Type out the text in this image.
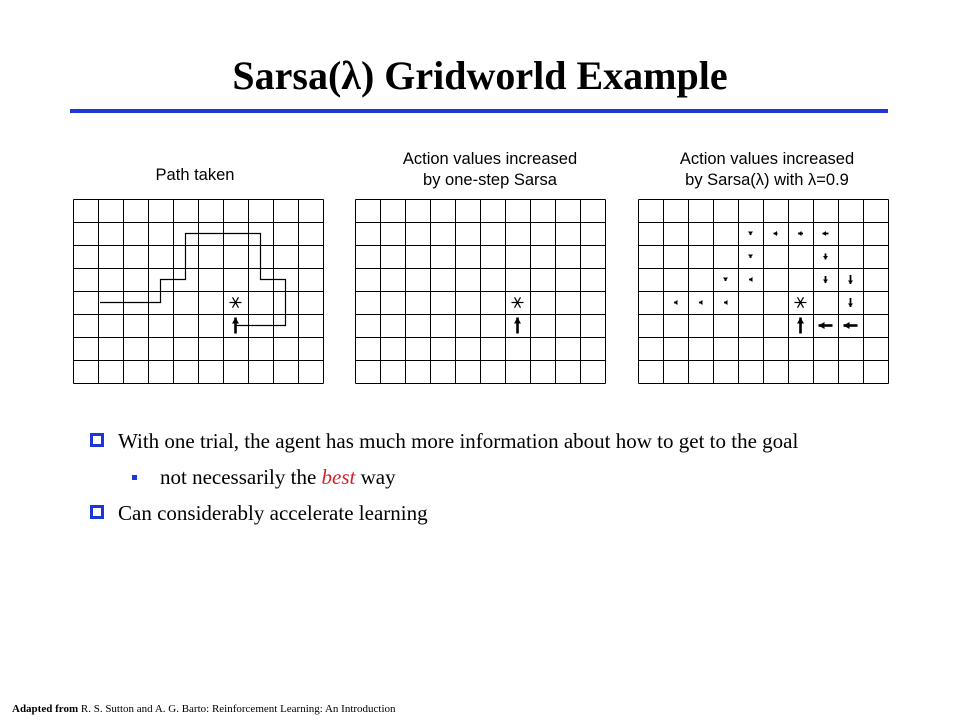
Sarsa(λ) Gridworld Example
Path taken
Action values increased
by one-step Sarsa
Action values increased
by Sarsa(λ) with λ=0.9
With one trial, the agent has much more information about how to get to the goal
not necessarily the best way
Can considerably accelerate learning
Adapted from R. S. Sutton and A. G. Barto: Reinforcement Learning: An Introduction
